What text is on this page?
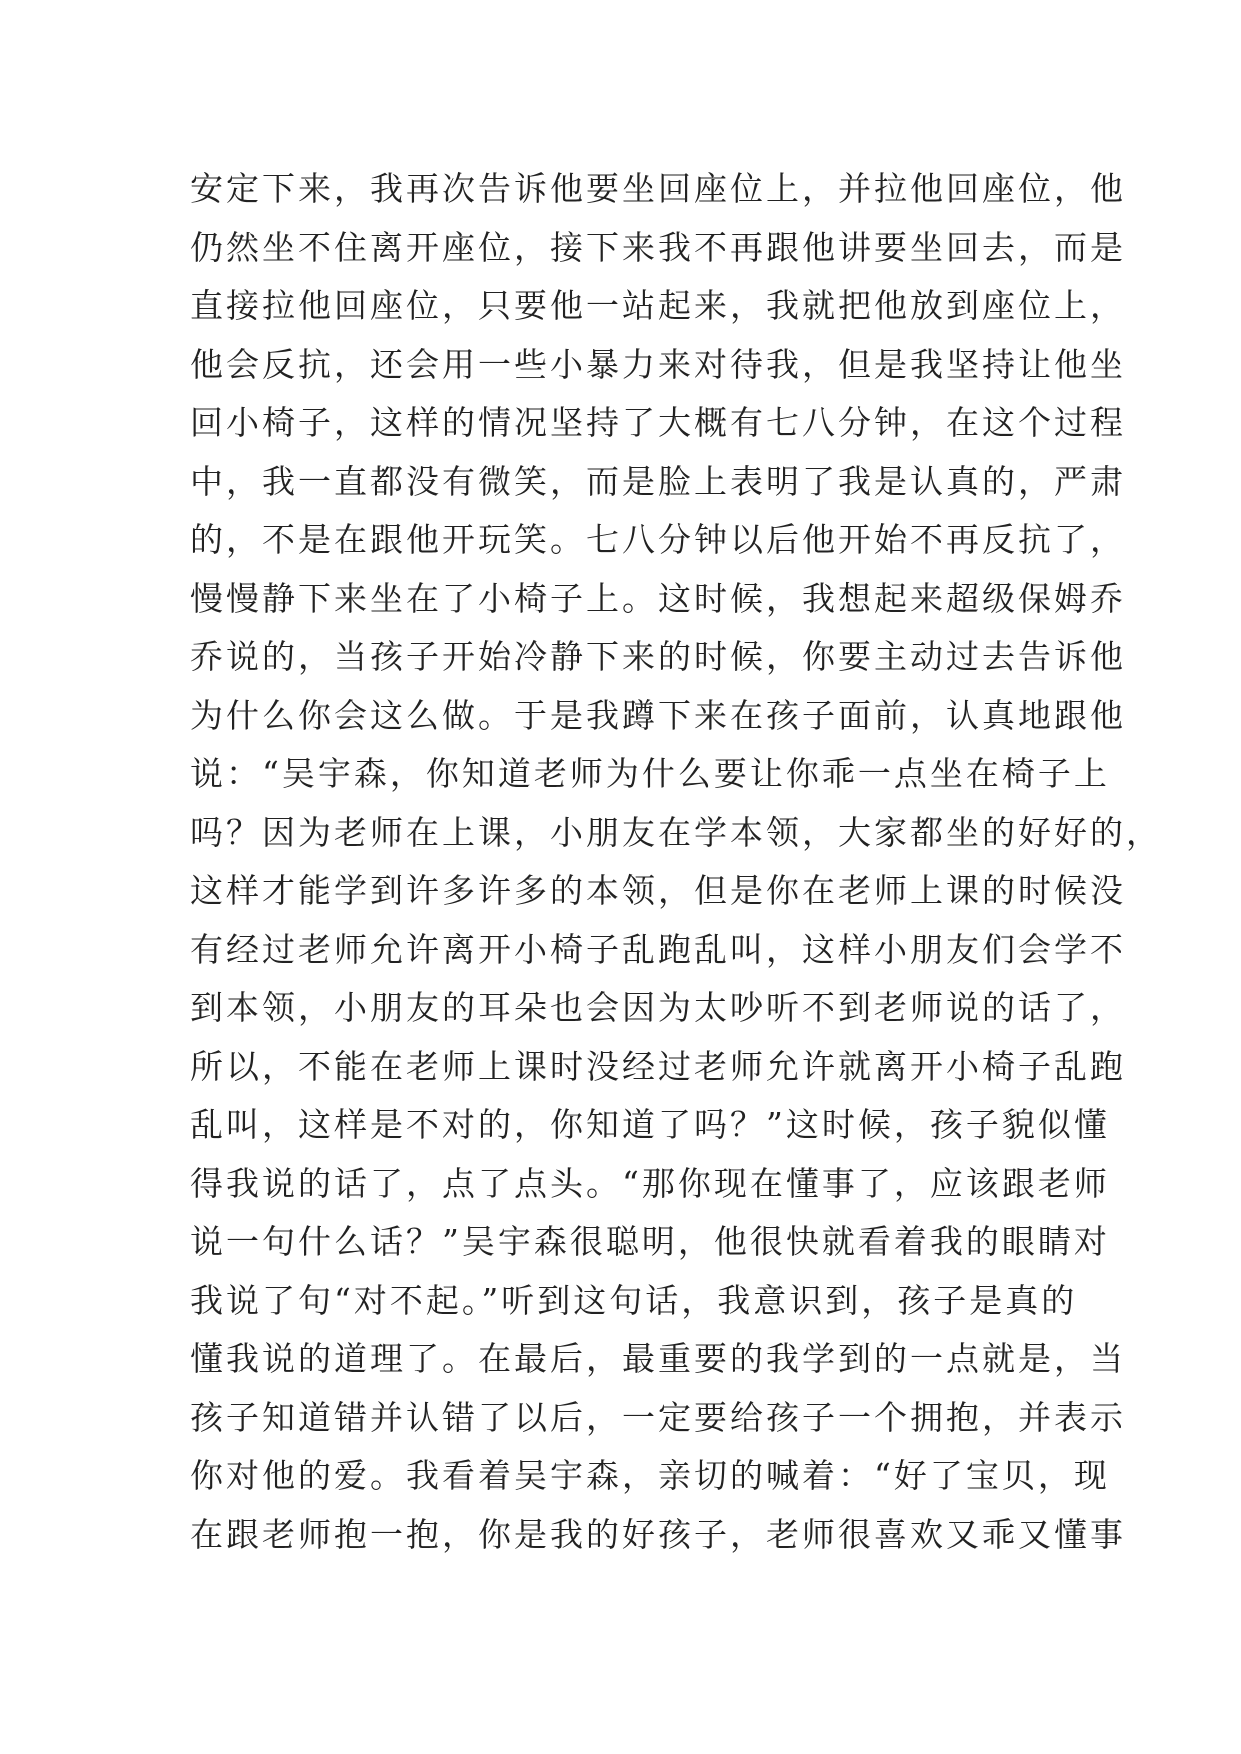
安定下来，我再次告诉他要坐回座位上，并拉他回座位，他
仍然坐不住离开座位，接下来我不再跟他讲要坐回去，而是
直接拉他回座位，只要他一站起来，我就把他放到座位上，
他会反抗，还会用一些小暴力来对待我，但是我坚持让他坐
回小椅子，这样的情况坚持了大概有七八分钟，在这个过程
中，我一直都没有微笑，而是脸上表明了我是认真的，严肃
的，不是在跟他开玩笑。七八分钟以后他开始不再反抗了，
慢慢静下来坐在了小椅子上。这时候，我想起来超级保姆乔
乔说的，当孩子开始冷静下来的时候，你要主动过去告诉他
为什么你会这么做。于是我蹲下来在孩子面前，认真地跟他
说：“吴宇森，你知道老师为什么要让你乖一点坐在椅子上
吗？因为老师在上课，小朋友在学本领，大家都坐的好好的，
这样才能学到许多许多的本领，但是你在老师上课的时候没
有经过老师允许离开小椅子乱跑乱叫，这样小朋友们会学不
到本领，小朋友的耳朵也会因为太吵听不到老师说的话了，
所以，不能在老师上课时没经过老师允许就离开小椅子乱跑
乱叫，这样是不对的，你知道了吗？”这时候，孩子貌似懂
得我说的话了，点了点头。“那你现在懂事了，应该跟老师
说一句什么话？”吴宇森很聪明，他很快就看着我的眼睛对
我说了句“对不起。”听到这句话，我意识到，孩子是真的
懂我说的道理了。在最后，最重要的我学到的一点就是，当
孩子知道错并认错了以后，一定要给孩子一个拥抱，并表示
你对他的爱。我看着吴宇森，亲切的喊着：“好了宝贝，现
在跟老师抱一抱，你是我的好孩子，老师很喜欢又乖又懂事
